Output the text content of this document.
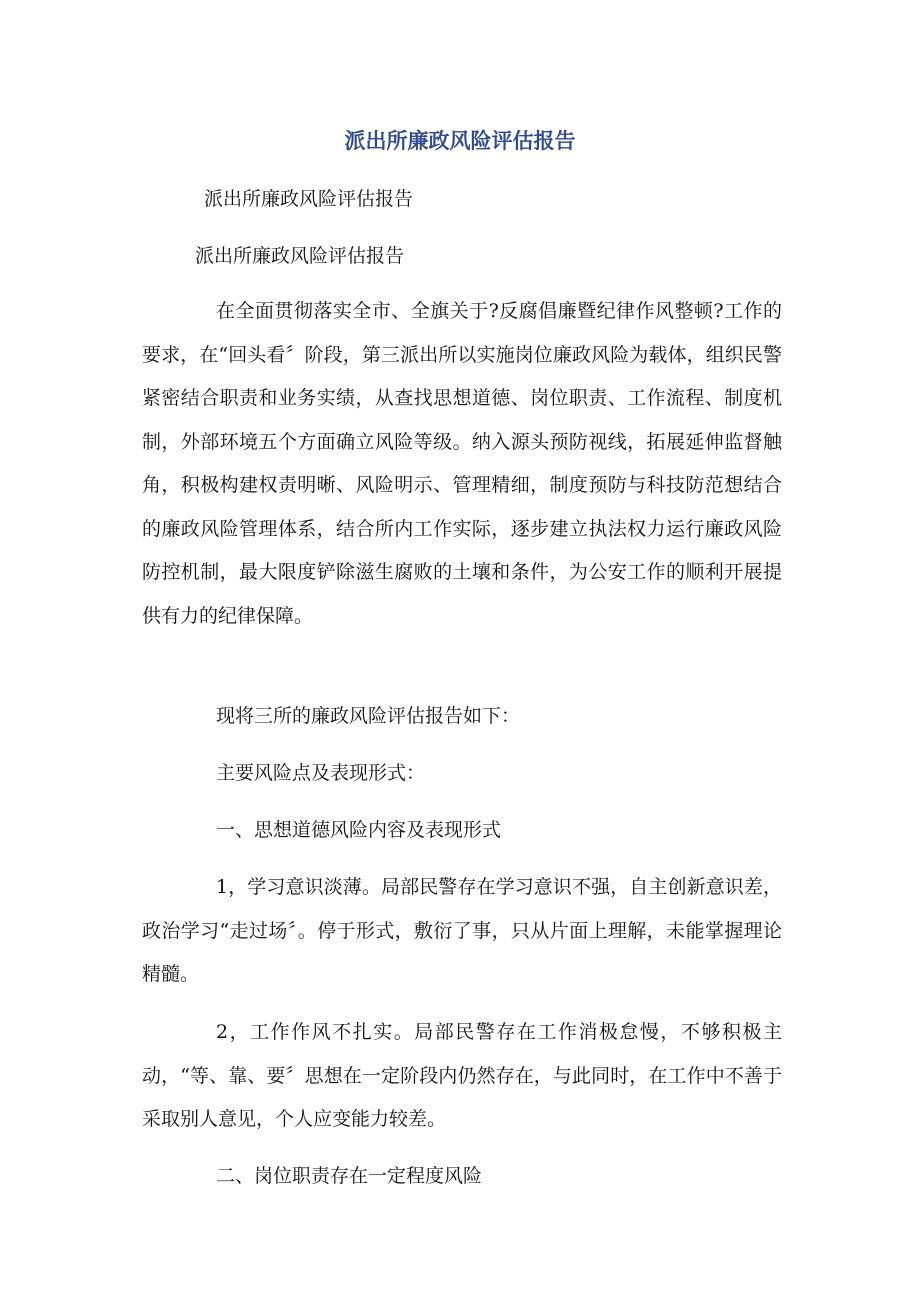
派出所廉政风险评估报告
派出所廉政风险评估报告
派出所廉政风险评估报告
在全面贯彻落实全市、全旗关于?反腐倡廉暨纪律作风整顿?工作的要求，在“回头看〞阶段，第三派出所以实施岗位廉政风险为载体，组织民警紧密结合职责和业务实绩，从查找思想道德、岗位职责、工作流程、制度机制，外部环境五个方面确立风险等级。纳入源头预防视线，拓展延伸监督触角，积极构建权责明晰、风险明示、管理精细，制度预防与科技防范想结合的廉政风险管理体系，结合所内工作实际，逐步建立执法权力运行廉政风险防控机制，最大限度铲除滋生腐败的土壤和条件，为公安工作的顺利开展提供有力的纪律保障。
现将三所的廉政风险评估报告如下：
主要风险点及表现形式：
一、思想道德风险内容及表现形式
1，学习意识淡薄。局部民警存在学习意识不强，自主创新意识差，政治学习“走过场〞。停于形式，敷衍了事，只从片面上理解，未能掌握理论精髓。
2，工作作风不扎实。局部民警存在工作消极怠慢，不够积极主动，“等、靠、要〞思想在一定阶段内仍然存在，与此同时，在工作中不善于采取别人意见，个人应变能力较差。
二、岗位职责存在一定程度风险
